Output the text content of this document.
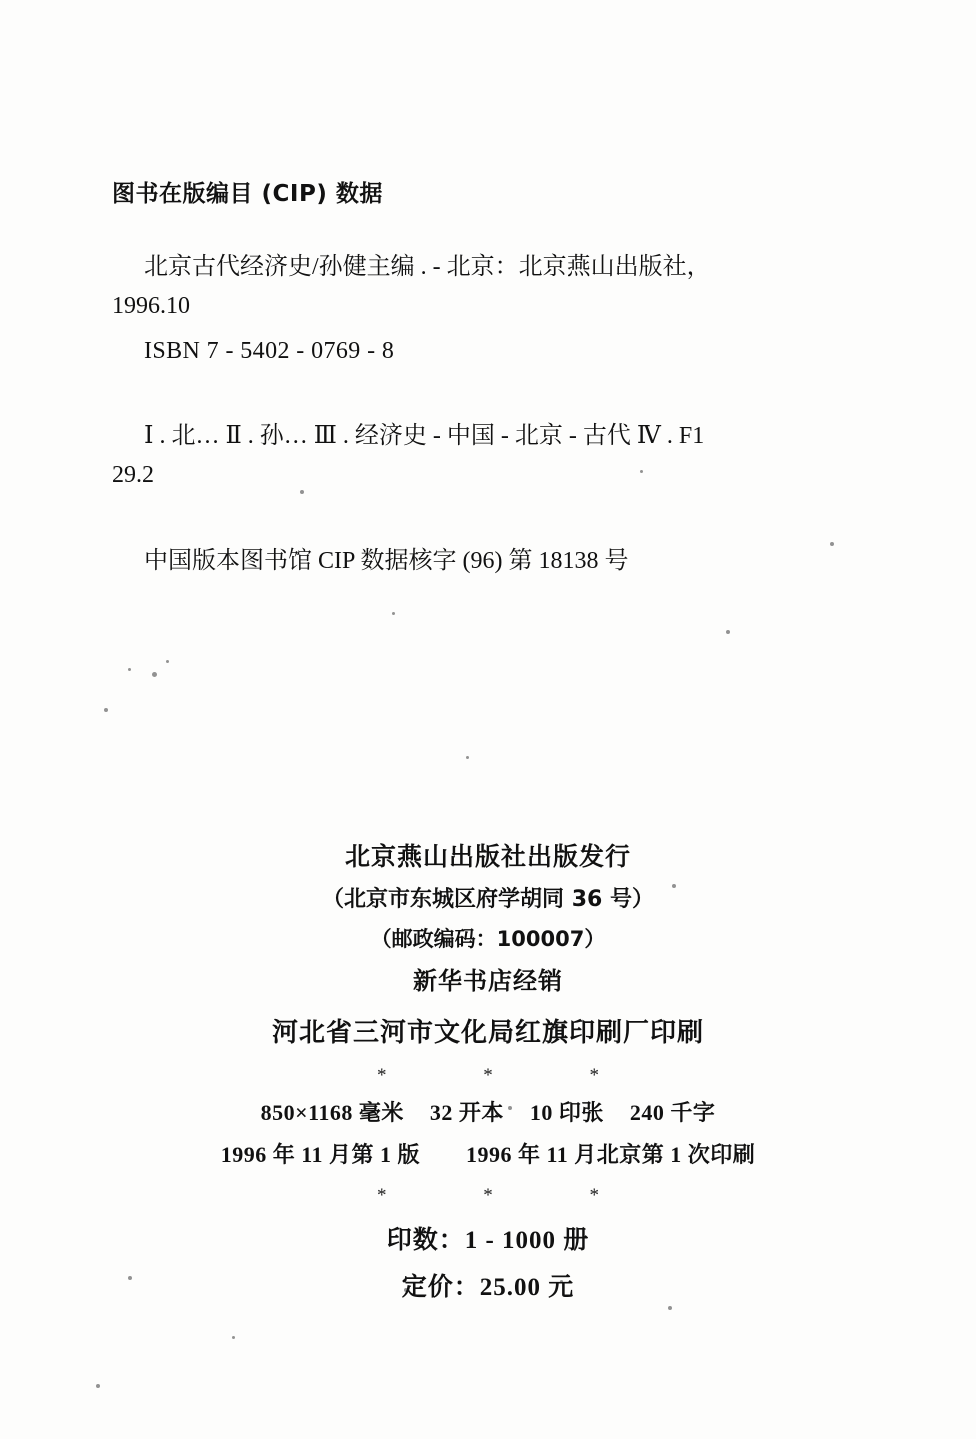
图书在版编目 (CIP) 数据
北京古代经济史/孙健主编 . - 北京：北京燕山出版社，
1996.10
ISBN 7 - 5402 - 0769 - 8
Ⅰ . 北… Ⅱ . 孙… Ⅲ . 经济史 - 中国 - 北京 - 古代 Ⅳ . F1
29.2
中国版本图书馆 CIP 数据核字 (96) 第 18138 号
北京燕山出版社出版发行
（北京市东城区府学胡同 36 号）
（邮政编码：100007）
新华书店经销
河北省三河市文化局红旗印刷厂印刷
* * *
850×1168 毫米 32 开本 10 印张 240 千字
1996 年 11 月第 1 版 1996 年 11 月北京第 1 次印刷
* * *
印数：1 - 1000 册
定价：25.00 元
